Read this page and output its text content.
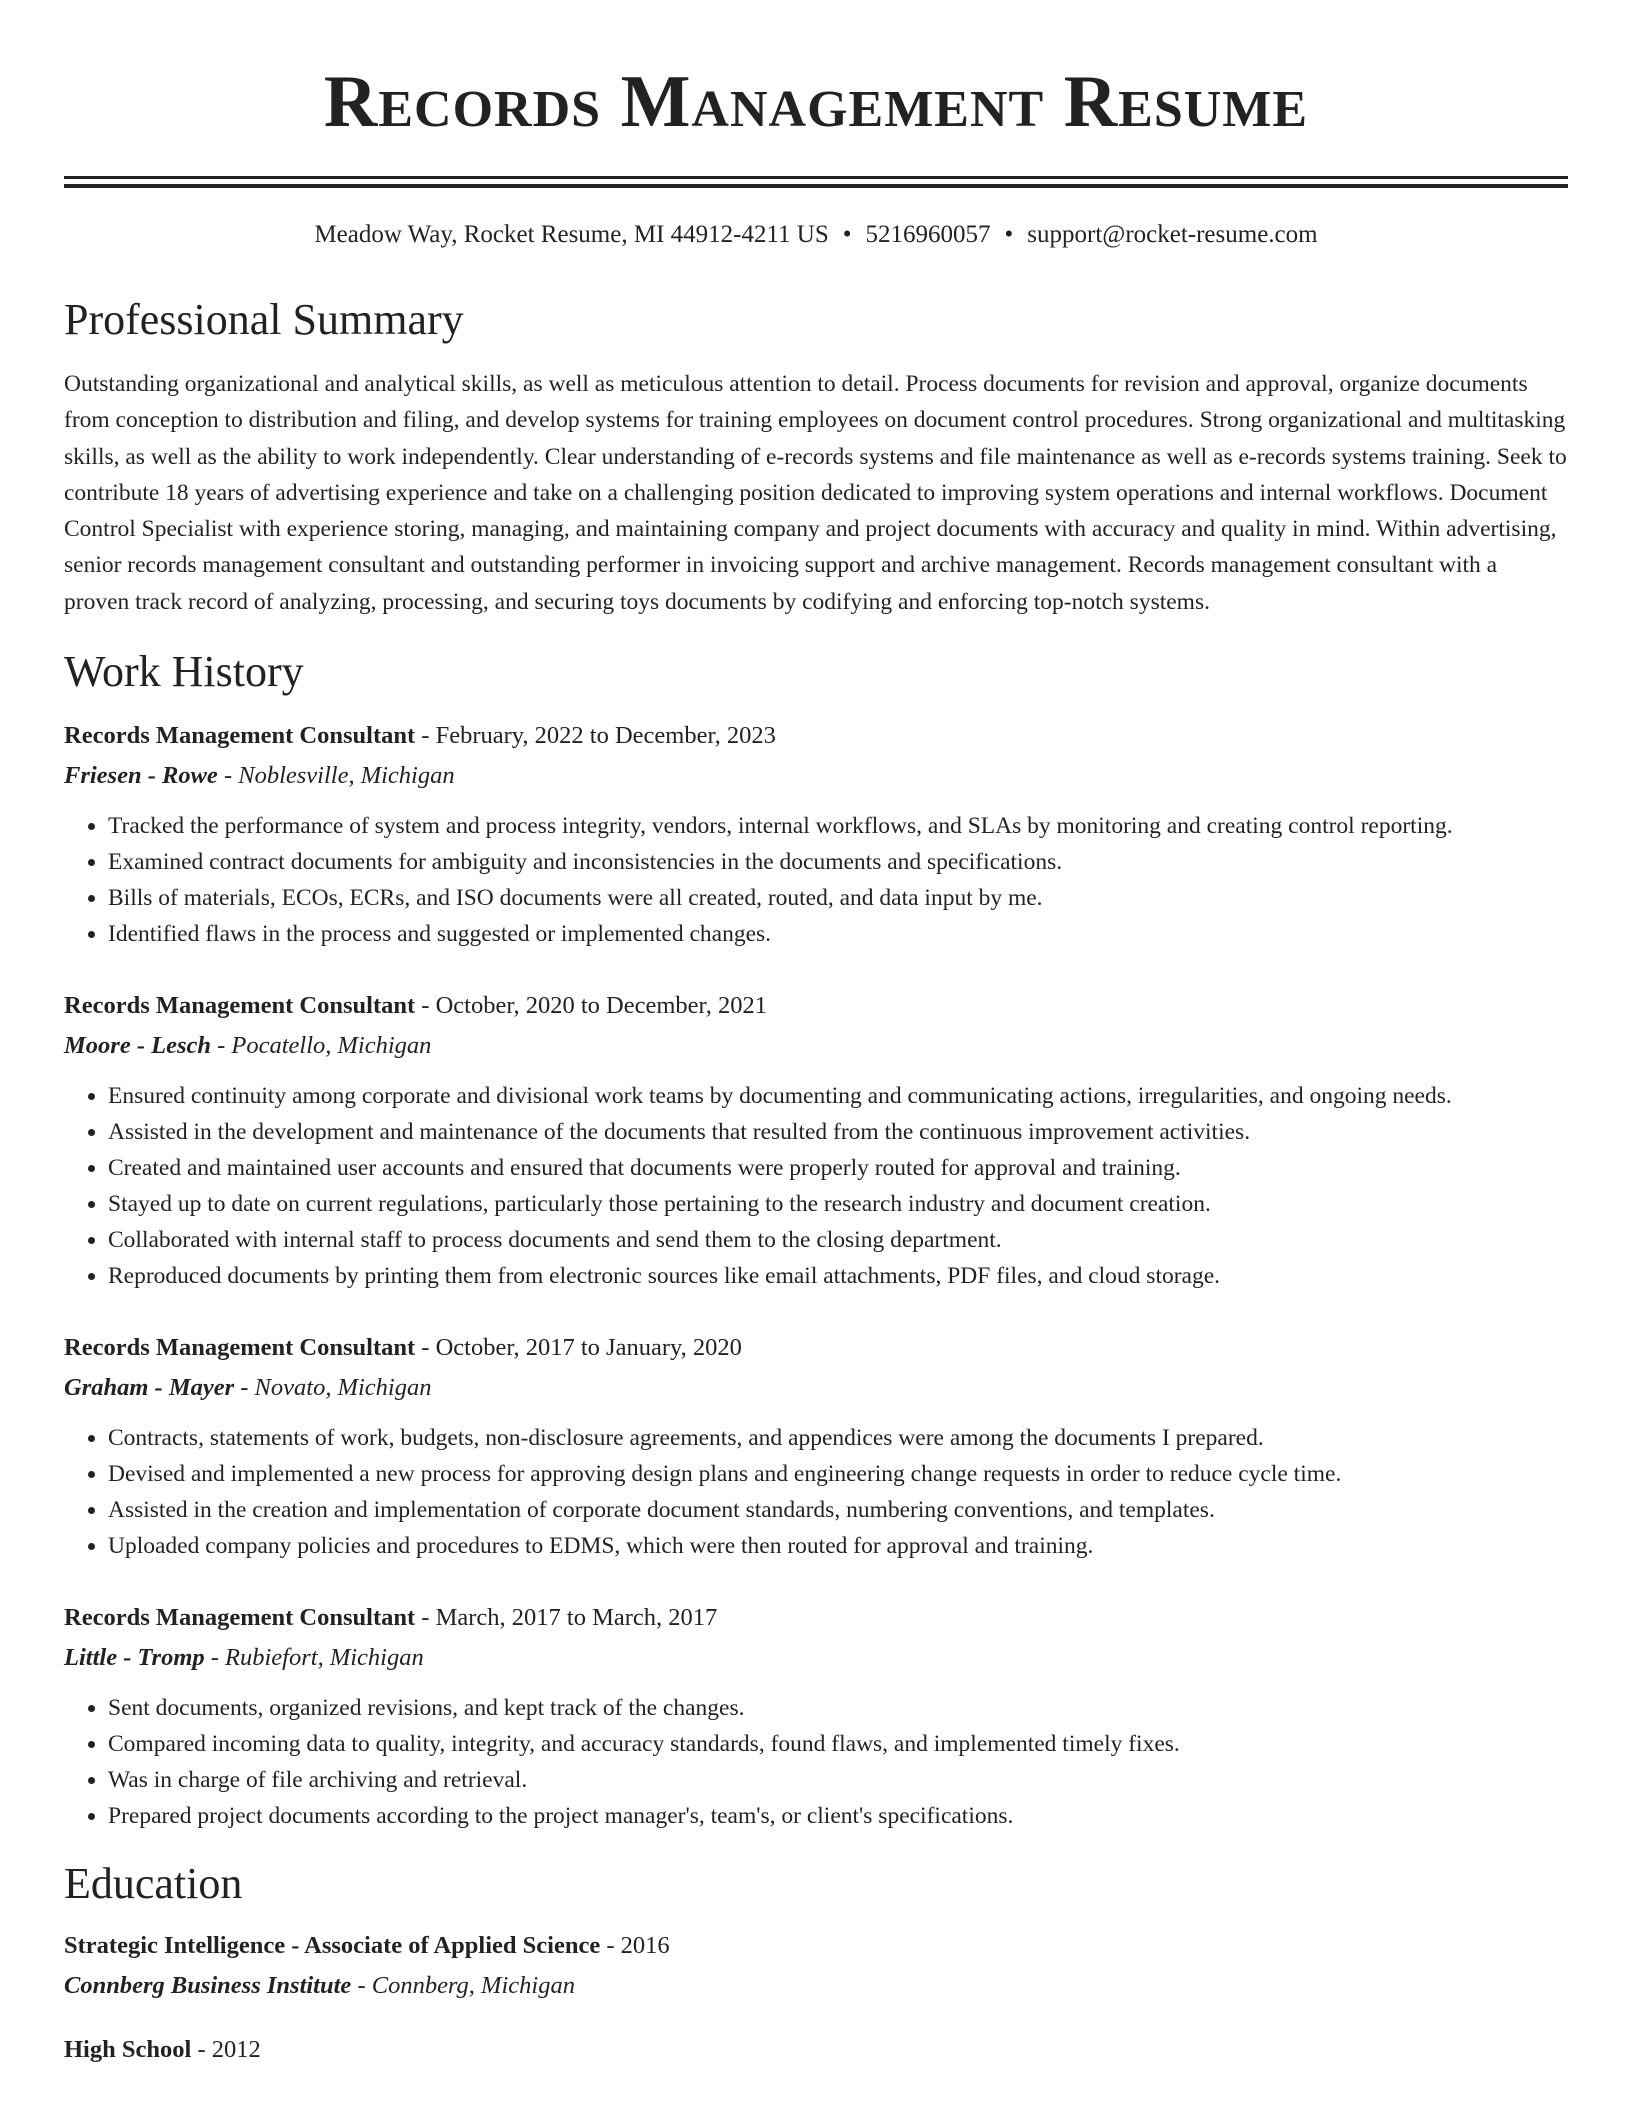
Records Management Resume
Meadow Way, Rocket Resume, MI 44912-4211 US • 5216960057 • support@rocket-resume.com
Professional Summary

Outstanding organizational and analytical skills, as well as meticulous attention to detail. Process documents for revision and approval, organize documents from conception to distribution and filing, and develop systems for training employees on document control procedures. Strong organizational and multitasking skills, as well as the ability to work independently. Clear understanding of e-records systems and file maintenance as well as e-records systems training. Seek to contribute 18 years of advertising experience and take on a challenging position dedicated to improving system operations and internal workflows. Document Control Specialist with experience storing, managing, and maintaining company and project documents with accuracy and quality in mind. Within advertising, senior records management consultant and outstanding performer in invoicing support and archive management. Records management consultant with a proven track record of analyzing, processing, and securing toys documents by codifying and enforcing top-notch systems.

Work History
Records Management Consultant - February, 2022 to December, 2023
Friesen - Rowe - Noblesville, Michigan
• Tracked the performance of system and process integrity, vendors, internal workflows, and SLAs by monitoring and creating control reporting.
• Examined contract documents for ambiguity and inconsistencies in the documents and specifications.
• Bills of materials, ECOs, ECRs, and ISO documents were all created, routed, and data input by me.
• Identified flaws in the process and suggested or implemented changes.
Records Management Consultant - October, 2020 to December, 2021
Moore - Lesch - Pocatello, Michigan
• Ensured continuity among corporate and divisional work teams by documenting and communicating actions, irregularities, and ongoing needs.
• Assisted in the development and maintenance of the documents that resulted from the continuous improvement activities.
• Created and maintained user accounts and ensured that documents were properly routed for approval and training.
• Stayed up to date on current regulations, particularly those pertaining to the research industry and document creation.
• Collaborated with internal staff to process documents and send them to the closing department.
• Reproduced documents by printing them from electronic sources like email attachments, PDF files, and cloud storage.
Records Management Consultant - October, 2017 to January, 2020
Graham - Mayer - Novato, Michigan
• Contracts, statements of work, budgets, non-disclosure agreements, and appendices were among the documents I prepared.
• Devised and implemented a new process for approving design plans and engineering change requests in order to reduce cycle time.
• Assisted in the creation and implementation of corporate document standards, numbering conventions, and templates.
• Uploaded company policies and procedures to EDMS, which were then routed for approval and training.
Records Management Consultant - March, 2017 to March, 2017
Little - Tromp - Rubiefort, Michigan
• Sent documents, organized revisions, and kept track of the changes.
• Compared incoming data to quality, integrity, and accuracy standards, found flaws, and implemented timely fixes.
• Was in charge of file archiving and retrieval.
• Prepared project documents according to the project manager's, team's, or client's specifications.
Education
Strategic Intelligence - Associate of Applied Science - 2016
Connberg Business Institute - Connberg, Michigan
High School - 2012
